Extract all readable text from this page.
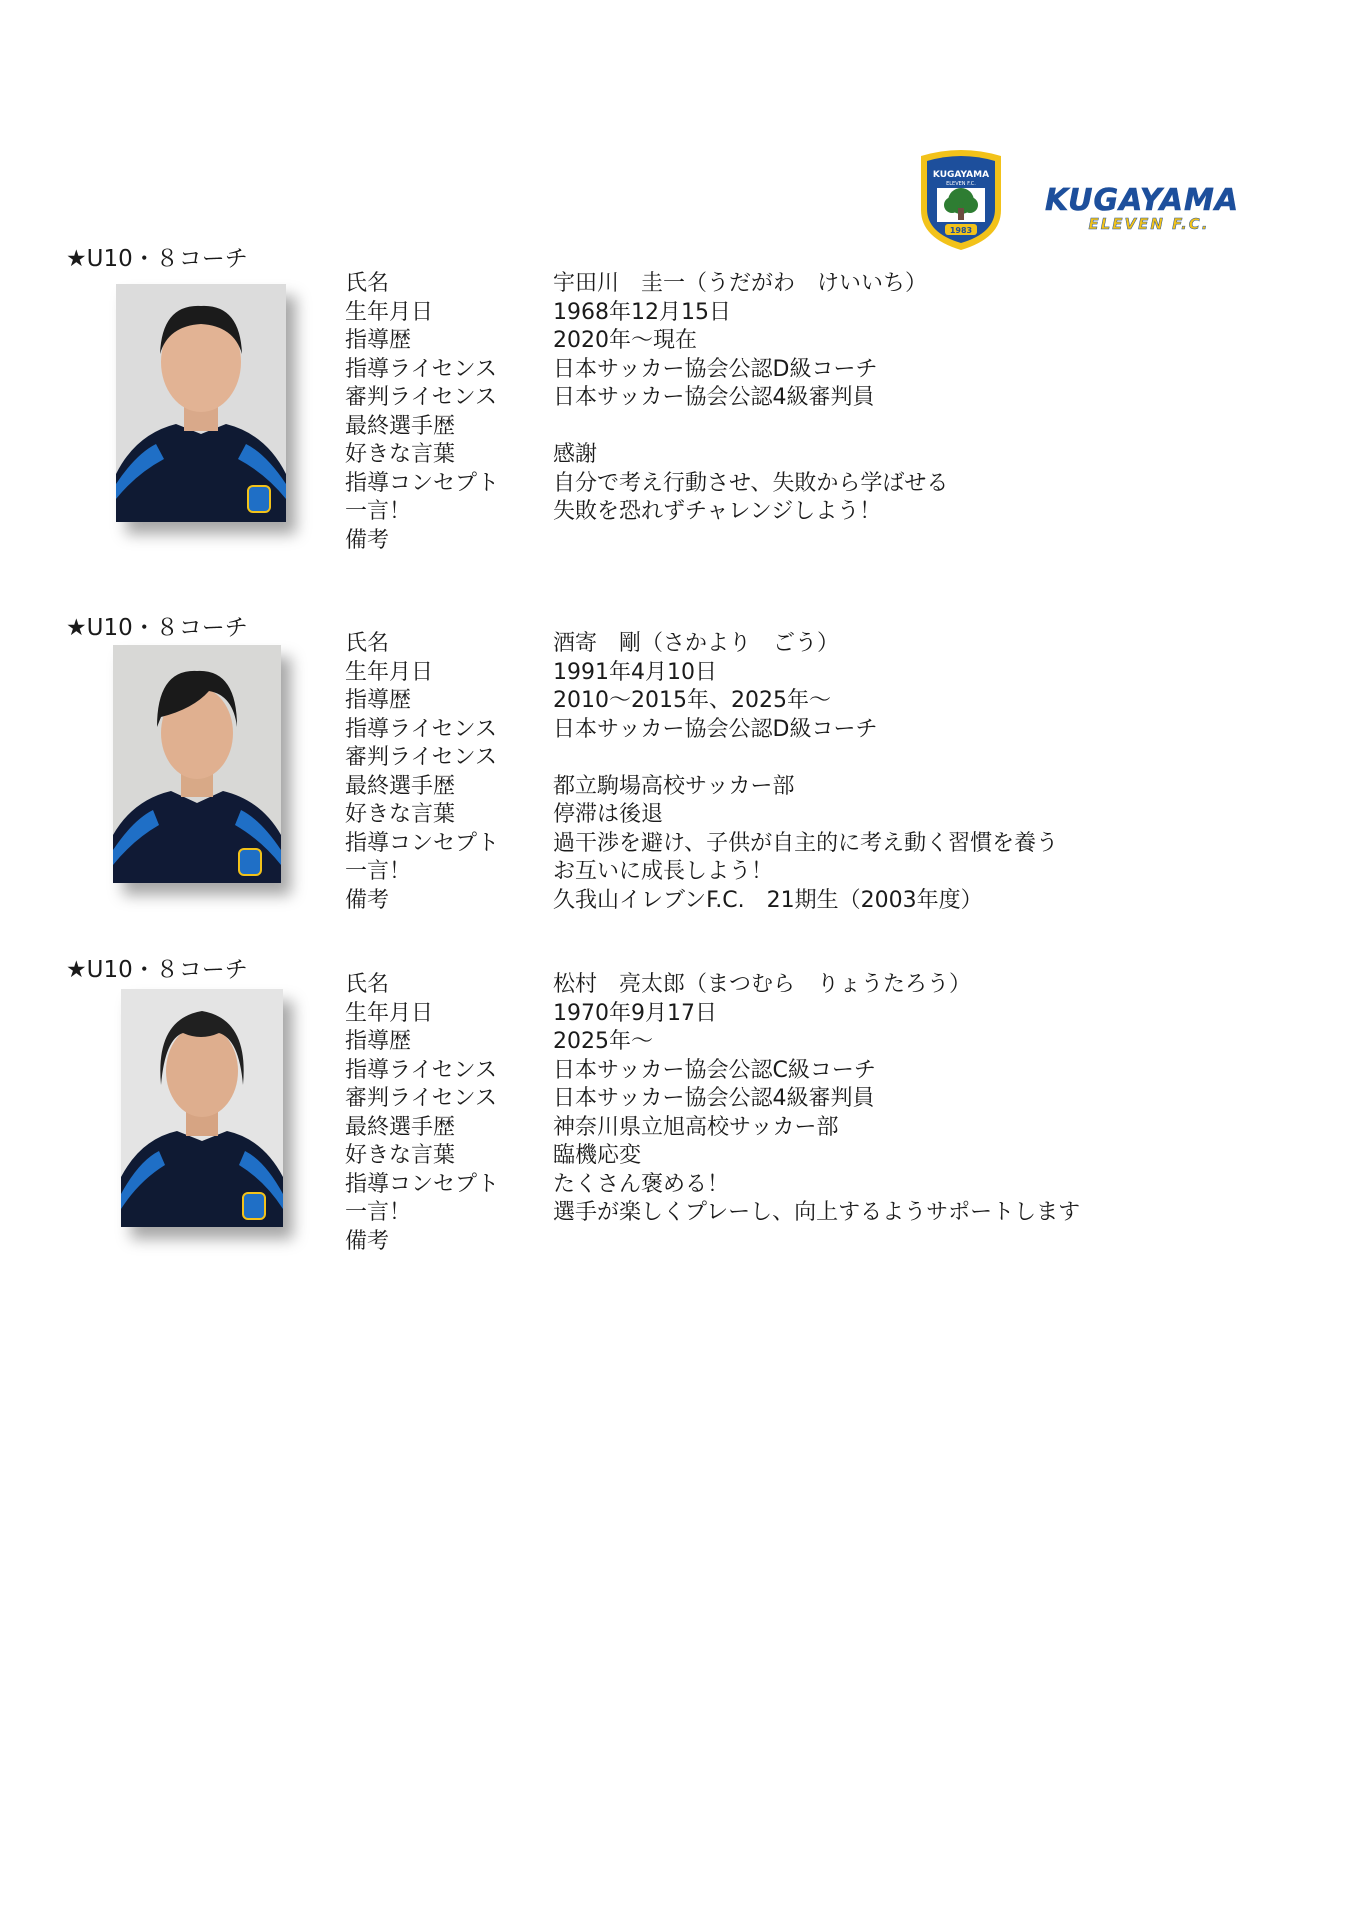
KUGAYAMA
ELEVEN F.C.
1983
KUGAYAMA
ELEVEN F.C.
★U10・８コーチ
氏名	宇田川　圭一（うだがわ　けいいち）
生年月日	1968年12月15日
指導歴	2020年～現在
指導ライセンス	日本サッカー協会公認D級コーチ
審判ライセンス	日本サッカー協会公認4級審判員
最終選手歴
好きな言葉	感謝
指導コンセプト	自分で考え行動させ、失敗から学ばせる
一言！	失敗を恐れずチャレンジしよう！
備考
★U10・８コーチ
氏名	酒寄　剛（さかより　ごう）
生年月日	1991年4月10日
指導歴	2010～2015年、2025年～
指導ライセンス	日本サッカー協会公認D級コーチ
審判ライセンス
最終選手歴	都立駒場高校サッカー部
好きな言葉	停滞は後退
指導コンセプト	過干渉を避け、子供が自主的に考え動く習慣を養う
一言！	お互いに成長しよう！
備考	久我山イレブンF.C.　21期生（2003年度）
★U10・８コーチ
氏名	松村　亮太郎（まつむら　りょうたろう）
生年月日	1970年9月17日
指導歴	2025年～
指導ライセンス	日本サッカー協会公認C級コーチ
審判ライセンス	日本サッカー協会公認4級審判員
最終選手歴	神奈川県立旭高校サッカー部
好きな言葉	臨機応変
指導コンセプト	たくさん褒める！
一言！	選手が楽しくプレーし、向上するようサポートします
備考
